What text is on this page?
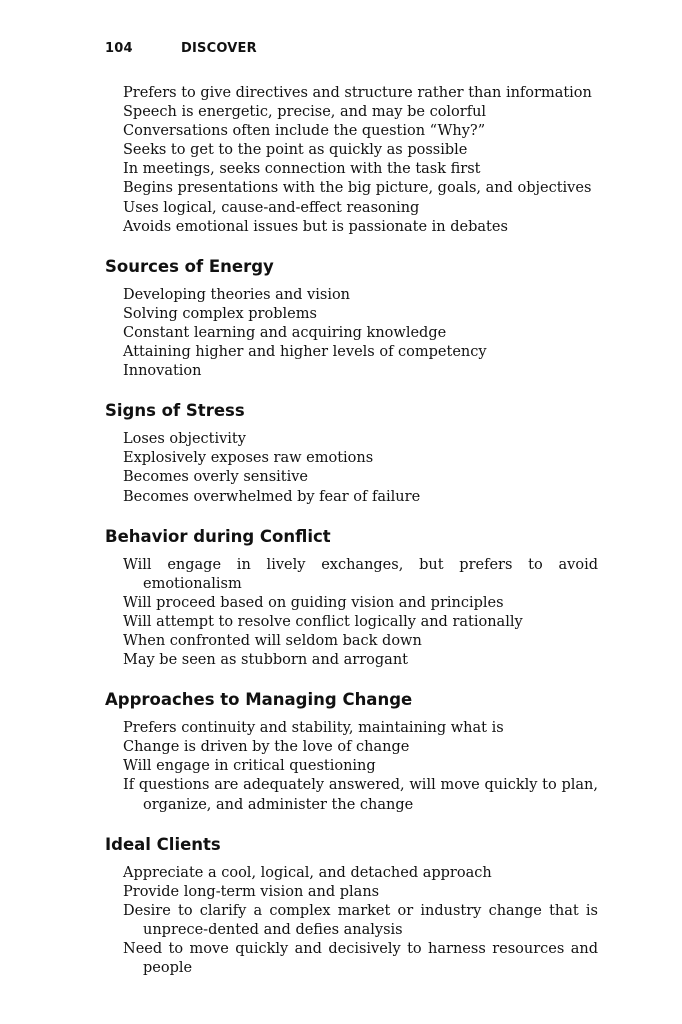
104	DISCOVER
Prefers to give directives and structure rather than information
Speech is energetic, precise, and may be colorful
Conversations often include the question “Why?”
Seeks to get to the point as quickly as possible
In meetings, seeks connection with the task first
Begins presentations with the big picture, goals, and objectives
Uses logical, cause-and-effect reasoning
Avoids emotional issues but is passionate in debates
Sources of Energy
Developing theories and vision
Solving complex problems
Constant learning and acquiring knowledge
Attaining higher and higher levels of competency
Innovation
Signs of Stress
Loses objectivity
Explosively exposes raw emotions
Becomes overly sensitive
Becomes overwhelmed by fear of failure
Behavior during Conflict
Will engage in lively exchanges, but prefers to avoid emotionalism
Will proceed based on guiding vision and principles
Will attempt to resolve conflict logically and rationally
When confronted will seldom back down
May be seen as stubborn and arrogant
Approaches to Managing Change
Prefers continuity and stability, maintaining what is
Change is driven by the love of change
Will engage in critical questioning
If questions are adequately answered, will move quickly to plan, organize, and administer the change
Ideal Clients
Appreciate a cool, logical, and detached approach
Provide long-term vision and plans
Desire to clarify a complex market or industry change that is unprece-dented and defies analysis
Need to move quickly and decisively to harness resources and people
